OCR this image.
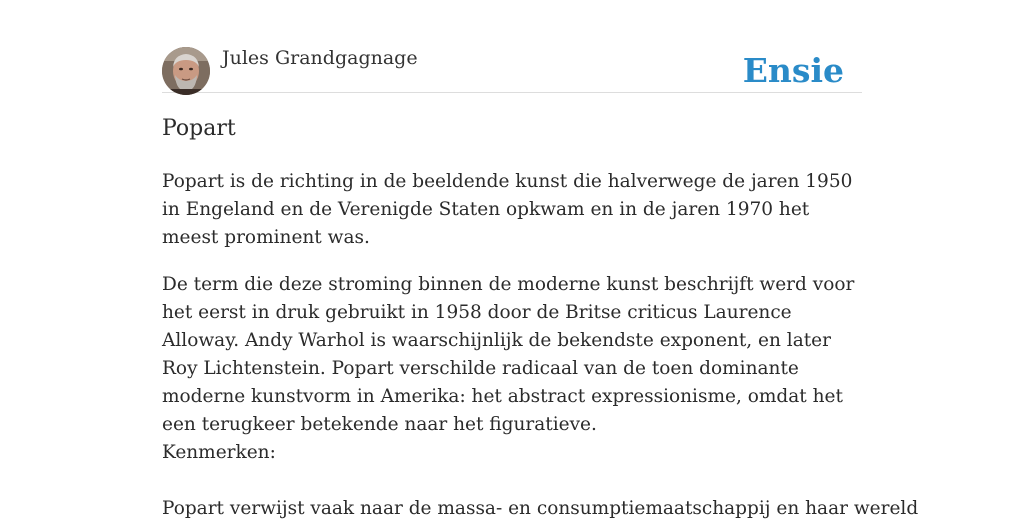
Jules Grandgagnage	Ensie
Popart

Popart is de richting in de beeldende kunst die halverwege de jaren 1950 in Engeland en de Verenigde Staten opkwam en in de jaren 1970 het meest prominent was.

De term die deze stroming binnen de moderne kunst beschrijft werd voor het eerst in druk gebruikt in 1958 door de Britse criticus Laurence Alloway. Andy Warhol is waarschijnlijk de bekendste exponent, en later Roy Lichtenstein. Popart verschilde radicaal van de toen dominante moderne kunstvorm in Amerika: het abstract expressionisme, omdat het een terugkeer betekende naar het figuratieve.

Kenmerken:

Popart verwijst vaak naar de massa- en consumptiemaatschappij en haar wereld
